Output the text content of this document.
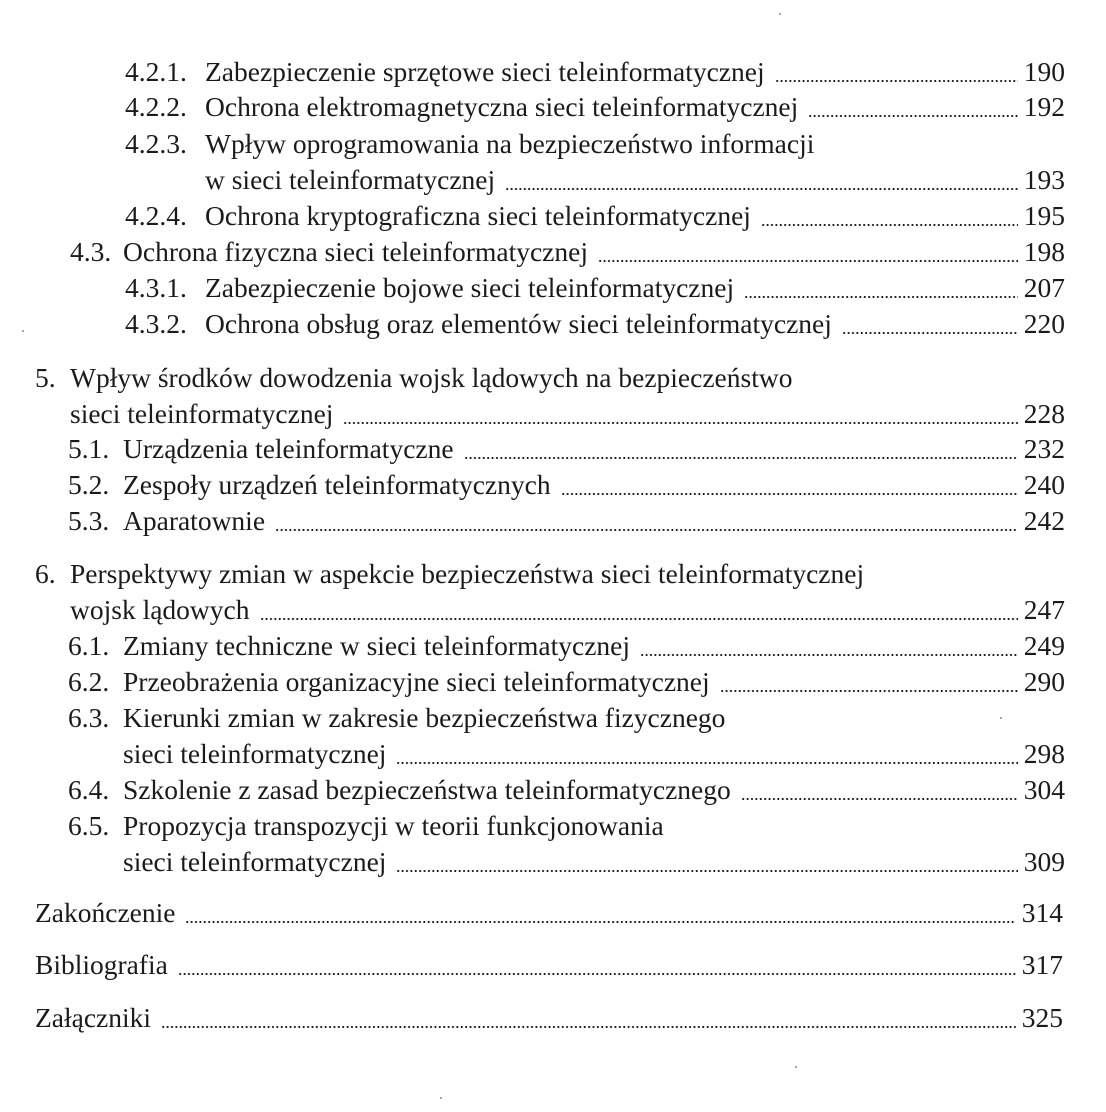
4.2.1. Zabezpieczenie sprzętowe sieci teleinformatycznej	190
4.2.2. Ochrona elektromagnetyczna sieci teleinformatycznej	192
4.2.3. Wpływ oprogramowania na bezpieczeństwo informacji
w sieci teleinformatycznej	193
4.2.4. Ochrona kryptograficzna sieci teleinformatycznej	195
4.3. Ochrona fizyczna sieci teleinformatycznej	198
4.3.1. Zabezpieczenie bojowe sieci teleinformatycznej	207
4.3.2. Ochrona obsług oraz elementów sieci teleinformatycznej	220
5. Wpływ środków dowodzenia wojsk lądowych na bezpieczeństwo
sieci teleinformatycznej	228
5.1. Urządzenia teleinformatyczne	232
5.2. Zespoły urządzeń teleinformatycznych	240
5.3. Aparatownie	242
6. Perspektywy zmian w aspekcie bezpieczeństwa sieci teleinformatycznej
wojsk lądowych	247
6.1. Zmiany techniczne w sieci teleinformatycznej	249
6.2. Przeobrażenia organizacyjne sieci teleinformatycznej	290
6.3. Kierunki zmian w zakresie bezpieczeństwa fizycznego
sieci teleinformatycznej	298
6.4. Szkolenie z zasad bezpieczeństwa teleinformatycznego	304
6.5. Propozycja transpozycji w teorii funkcjonowania
sieci teleinformatycznej	309
Zakończenie	314
Bibliografia	317
Załączniki	325
